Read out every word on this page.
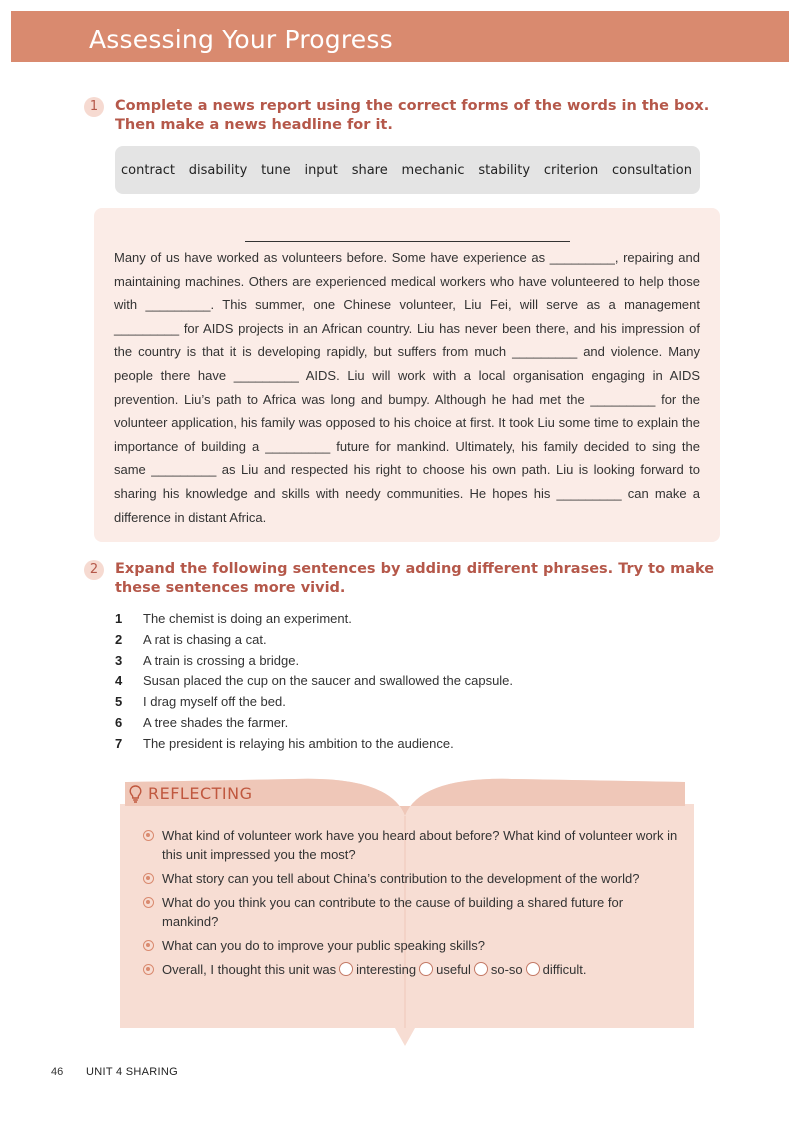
Assessing Your Progress
1	Complete a news report using the correct forms of the words in the box. Then make a news headline for it.
contract disability tune input share mechanic stability criterion consultation

Many of us have worked as volunteers before. Some have experience as _________, repairing and maintaining machines. Others are experienced medical workers who have volunteered to help those with _________. This summer, one Chinese volunteer, Liu Fei, will serve as a management _________ for AIDS projects in an African country. Liu has never been there, and his impression of the country is that it is developing rapidly, but suffers from much _________ and violence. Many people there have _________ AIDS. Liu will work with a local organisation engaging in AIDS prevention. Liu’s path to Africa was long and bumpy. Although he had met the _________ for the volunteer application, his family was opposed to his choice at first. It took Liu some time to explain the importance of building a _________ future for mankind. Ultimately, his family decided to sing the same _________ as Liu and respected his right to choose his own path. Liu is looking forward to sharing his knowledge and skills with needy communities. He hopes his _________ can make a difference in distant Africa.

2	Expand the following sentences by adding different phrases. Try to make these sentences more vivid.
1 The chemist is doing an experiment.
2 A rat is chasing a cat.
3 A train is crossing a bridge.
4 Susan placed the cup on the saucer and swallowed the capsule.
5 I drag myself off the bed.
6 A tree shades the farmer.
7 The president is relaying his ambition to the audience.
REFLECTING
What kind of volunteer work have you heard about before? What kind of volunteer work in this unit impressed you the most?
What story can you tell about China’s contribution to the development of the world?
What do you think you can contribute to the cause of building a shared future for mankind?
What can you do to improve your public speaking skills?
Overall, I thought this unit was interesting useful so-so difficult.
46 UNIT 4 SHARING
